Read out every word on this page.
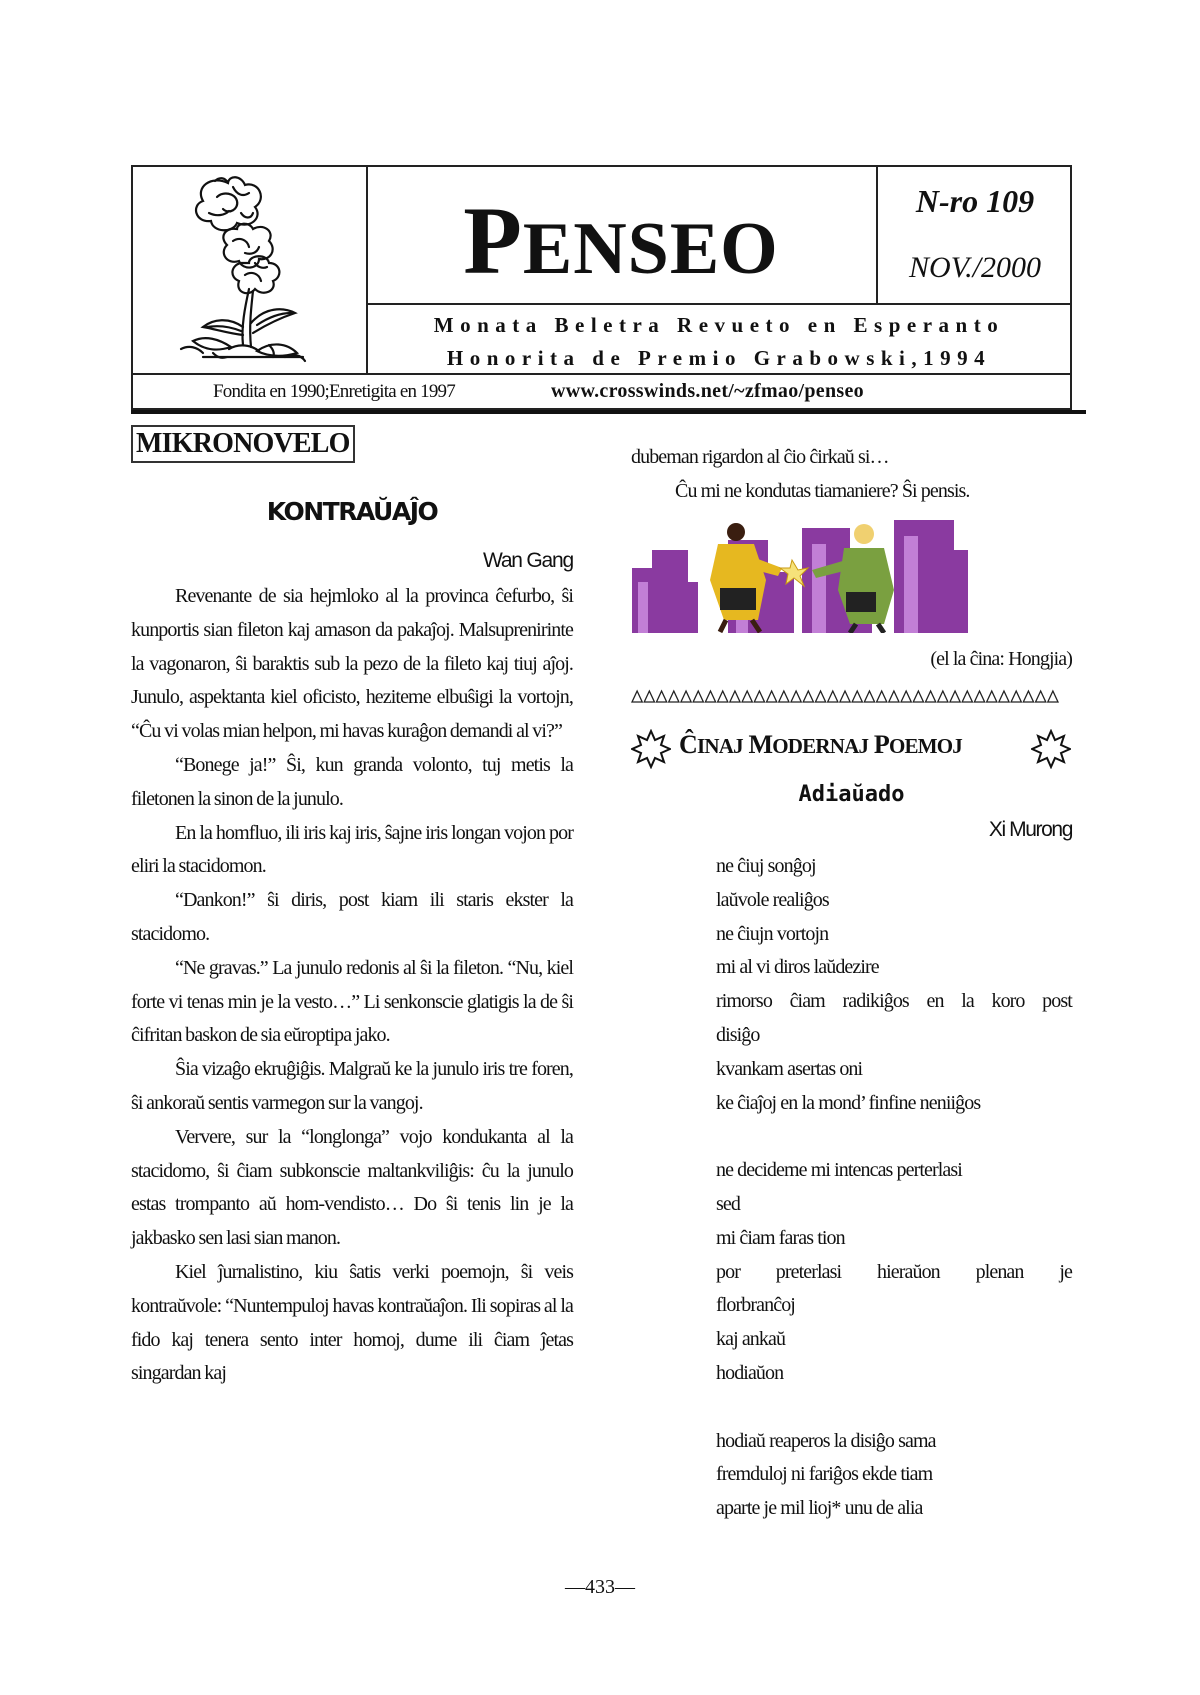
PENSEO
N-ro 109
NOV./2000
Monata Beletra Revueto en Esperanto
Honorita de Premio Grabowski,1994
Fondita en 1990;Enretigita en 1997	www.crosswinds.net/~zfmao/penseo
MIKRONOVELO
KONTRAŬAĴO
Wan Gang

Revenante de sia hejmloko al la provinca ĉefurbo, ŝi kunportis sian fileton kaj amason da pakaĵoj. Malsuprenirinte la vagonaron, ŝi baraktis sub la pezo de la fileto kaj tiuj aĵoj. Junulo, aspektanta kiel oficisto, heziteme elbuŝigi la vortojn, “Ĉu vi volas mian helpon, mi havas kuraĝon demandi al vi?”

“Bonege ja!” Ŝi, kun granda volonto, tuj metis la filetonen la sinon de la junulo.

En la homfluo, ili iris kaj iris, ŝajne iris longan vojon por eliri la stacidomon.

“Dankon!” ŝi diris, post kiam ili staris ekster la stacidomo.

“Ne gravas.” La junulo redonis al ŝi la fileton. “Nu, kiel forte vi tenas min je la vesto…” Li senkonscie glatigis la de ŝi ĉifritan baskon de sia eŭroptipa jako.

Ŝia vizaĝo ekruĝiĝis. Malgraŭ ke la junulo iris tre foren, ŝi ankoraŭ sentis varmegon sur la vangoj.

Ververe, sur la “longlonga” vojo kondukanta al la stacidomo, ŝi ĉiam subkonscie maltankviliĝis: ĉu la junulo estas trompanto aŭ hom-vendisto… Do ŝi tenis lin je la jakbasko sen lasi sian manon.

Kiel ĵurnalistino, kiu ŝatis verki poemojn, ŝi veis kontraŭvole: “Nuntempuloj havas kontraŭaĵon. Ili sopiras al la fido kaj tenera sento inter homoj, dume ili ĉiam ĵetas singardan kaj

dubeman rigardon al ĉio ĉirkaŭ si…
Ĉu mi ne kondutas tiamaniere? Ŝi pensis.
(el la ĉina: Hongjia)
◇◇◇◇◇◇◇◇◇◇◇◇◇◇◇◇◇◇◇◇◇◇◇◇◇◇◇◇◇◇◇◇◇◇◇
ĈINAJ MODERNAJ POEMOJ
Adiaŭado
Xi Murong
ne ĉiuj sonĝoj
laŭvole realiĝos
ne ĉiujn vortojn
mi al vi diros laŭdezire
rimorso ĉiam radikiĝos en la koro post
disiĝo
kvankam asertas oni
ke ĉiaĵoj en la mond’ finfine neniiĝos
ne decideme mi intencas perterlasi
sed
mi ĉiam faras tion
por preterlasi hieraŭon plenan je
florbranĉoj
kaj ankaŭ
hodiaŭon
hodiaŭ reaperos la disiĝo sama
fremduloj ni fariĝos ekde tiam
aparte je mil lioj* unu de alia
—433—
